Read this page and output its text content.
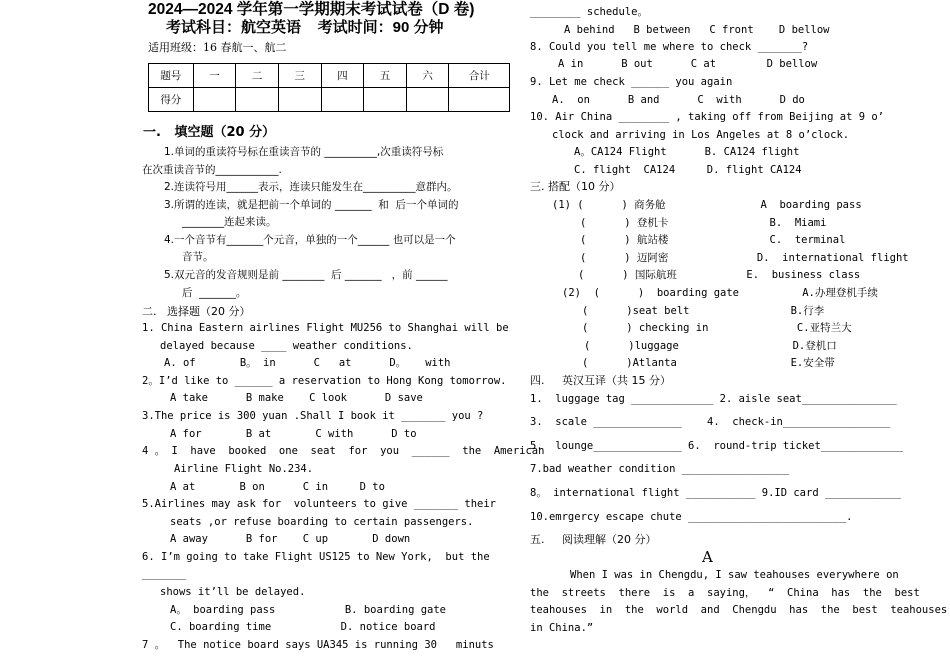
2024—2024 学年第一学期期末考试试卷（D 卷)
考试科目：航空英语    考试时间：90 分钟
适用班级：16 春航一、航二
题号	一	二	三	四	五	六	合计
得分							
一.   填空题（20 分）
1.单词的重读符号标在重读音节的 __________,次重读符号标
在次重读音节的____________.
2.连读符号用______表示，连读只能发生在__________意群内。
3.所谓的连读，就是把前一个单词的 _______  和  后一个单词的
________连起来读。
4.一个音节有_______个元音，单独的一个______ 也可以是一个
音节。
5.双元音的发音规则是前 ________  后 _______   ，前 ______
后  _______。
二.   选择题（20 分）
1. China Eastern airlines Flight MU256 to Shanghai will be
delayed because ____ weather conditions.
A. of       B。 in      C   at      D。   with
2。I’d like to ______ a reservation to Hong Kong tomorrow.
A take      B make    C look      D save
3.The price is 300 yuan .Shall I book it _______ you ?
A for       B at       C with      D to
4 。 I  have  booked  one  seat  for  you  ______  the  American
Airline Flight No.234.
A at       B on      C in     D to
5.Airlines may ask for  volunteers to give _______ their
seats ,or refuse boarding to certain passengers.
A away      B for    C up       D down
6. I’m going to take Flight US125 to New York,  but the
_______
shows it’ll be delayed.
A。 boarding pass           B. boarding gate
C. boarding time           D. notice board
7 。  The notice board says UA345 is running 30   minuts
________ schedule。
A behind   B between   C front    D bellow
8. Could you tell me where to check _______?
A in      B out      C at        D bellow
9. Let me check ______ you again
A.  on      B and      C  with      D do
10. Air China ________ , taking off from Beijing at 9 o’
clock and arriving in Los Angeles at 8 o’clock.
A。CA124 Flight      B. CA124 flight
C. flight  CA124     D. flight CA124
三. 搭配（10 分）
(1) (      ) 商务舱               A  boarding pass
(      ) 登机卡                B.  Miami
(      ) 航站楼                C.  terminal
(      ) 迈阿密              D.  international flight
(      ) 国际航班           E.  business class
(2)  (      )  boarding gate          A.办理登机手续
(      )seat belt                B.行李
(      ) checking in              C.亚特兰大
(      )luggage                  D.登机口
(      )Atlanta                  E.安全带
四.     英汉互译（共 15 分）
1.  luggage tag _____________ 2. aisle seat_______________
3.  scale ______________    4.  check-in_________________
5.  lounge______________ 6.  round-trip ticket_____________
7.bad weather condition _________________
8。 international flight ___________ 9.ID card ____________
10.emrgercy escape chute _________________________.
五.     阅读理解（20 分）
A
When I was in Chengdu, I saw teahouses everywhere on
the  streets  there  is  a  saying，  “  China  has  the  best
teahouses  in  the  world  and  Chengdu  has  the  best  teahouses
in China.”
